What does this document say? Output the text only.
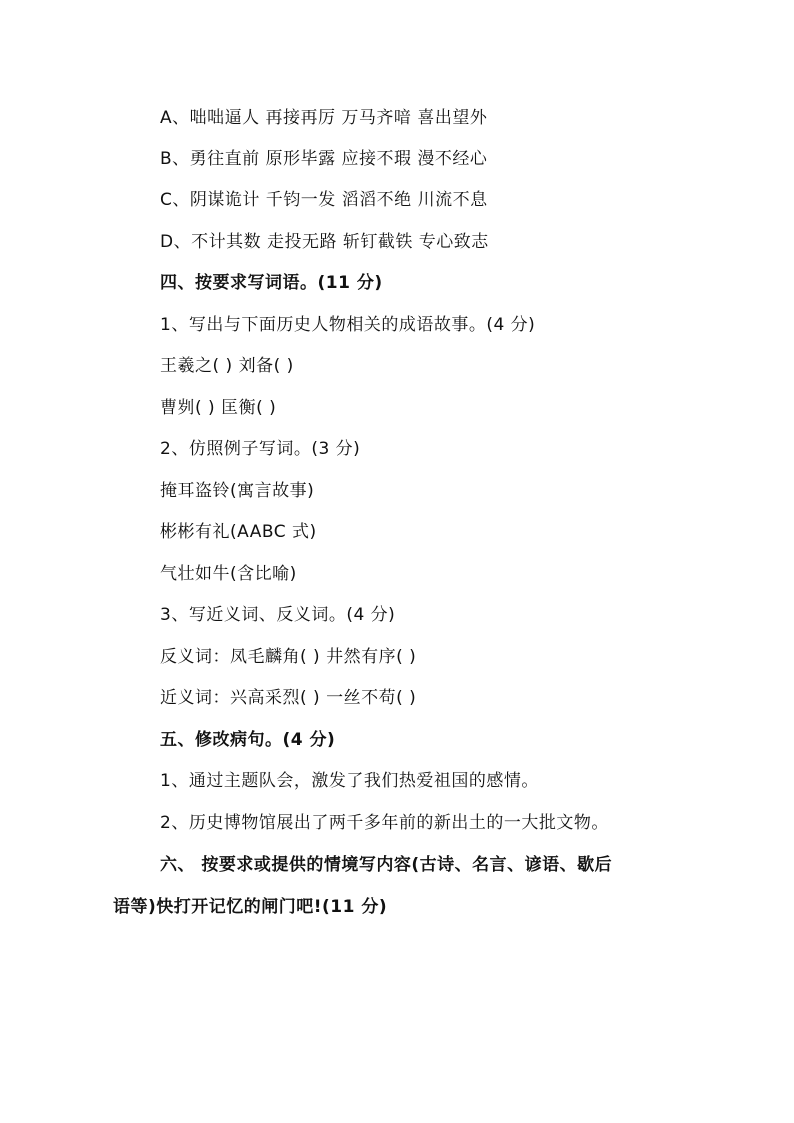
A、咄咄逼人 再接再厉 万马齐喑 喜出望外
B、勇往直前 原形毕露 应接不瑕 漫不经心
C、阴谋诡计 千钧一发 滔滔不绝 川流不息
D、不计其数 走投无路 斩钉截铁 专心致志
四、按要求写词语。(11 分)
1、写出与下面历史人物相关的成语故事。(4 分)
王羲之( ) 刘备( )
曹刿( ) 匡衡( )
2、仿照例子写词。(3 分)
掩耳盗铃(寓言故事)
彬彬有礼(AABC 式)
气壮如牛(含比喻)
3、写近义词、反义词。(4 分)
反义词：凤毛麟角( ) 井然有序( )
近义词：兴高采烈( ) 一丝不苟( )
五、修改病句。(4 分)
1、通过主题队会，激发了我们热爱祖国的感情。
2、历史博物馆展出了两千多年前的新出土的一大批文物。
六、 按要求或提供的情境写内容(古诗、名言、谚语、歇后
语等)快打开记忆的闸门吧!(11 分)
